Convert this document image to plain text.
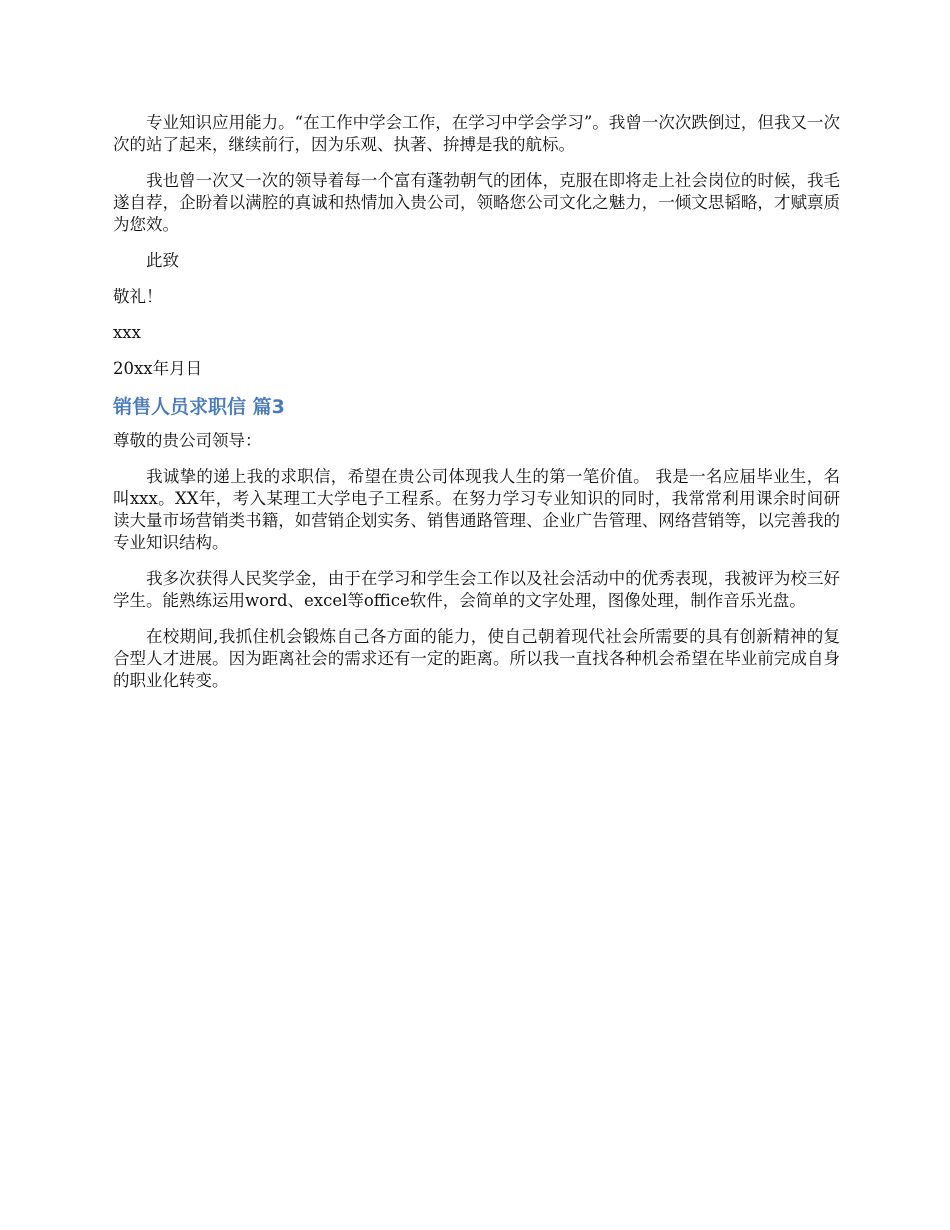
专业知识应用能力。“在工作中学会工作，在学习中学会学习”。我曾一次次跌倒过，但我又一次次的站了起来，继续前行，因为乐观、执著、拚搏是我的航标。

我也曾一次又一次的领导着每一个富有蓬勃朝气的团体，克服在即将走上社会岗位的时候，我毛遂自荐，企盼着以满腔的真诚和热情加入贵公司，领略您公司文化之魅力，一倾文思韬略，才赋禀质为您效。

此致

敬礼！

xxx

20xx年月日

销售人员求职信 篇3

尊敬的贵公司领导：

我诚挚的递上我的求职信，希望在贵公司体现我人生的第一笔价值。 我是一名应届毕业生，名叫xxx。XX年，考入某理工大学电子工程系。在努力学习专业知识的同时，我常常利用课余时间研读大量市场营销类书籍，如营销企划实务、销售通路管理、企业广告管理、网络营销等，以完善我的专业知识结构。

我多次获得人民奖学金，由于在学习和学生会工作以及社会活动中的优秀表现，我被评为校三好学生。能熟练运用word、excel等office软件，会简单的文字处理，图像处理，制作音乐光盘。

在校期间,我抓住机会锻炼自己各方面的能力，使自己朝着现代社会所需要的具有创新精神的复合型人才进展。因为距离社会的需求还有一定的距离。所以我一直找各种机会希望在毕业前完成自身的职业化转变。
